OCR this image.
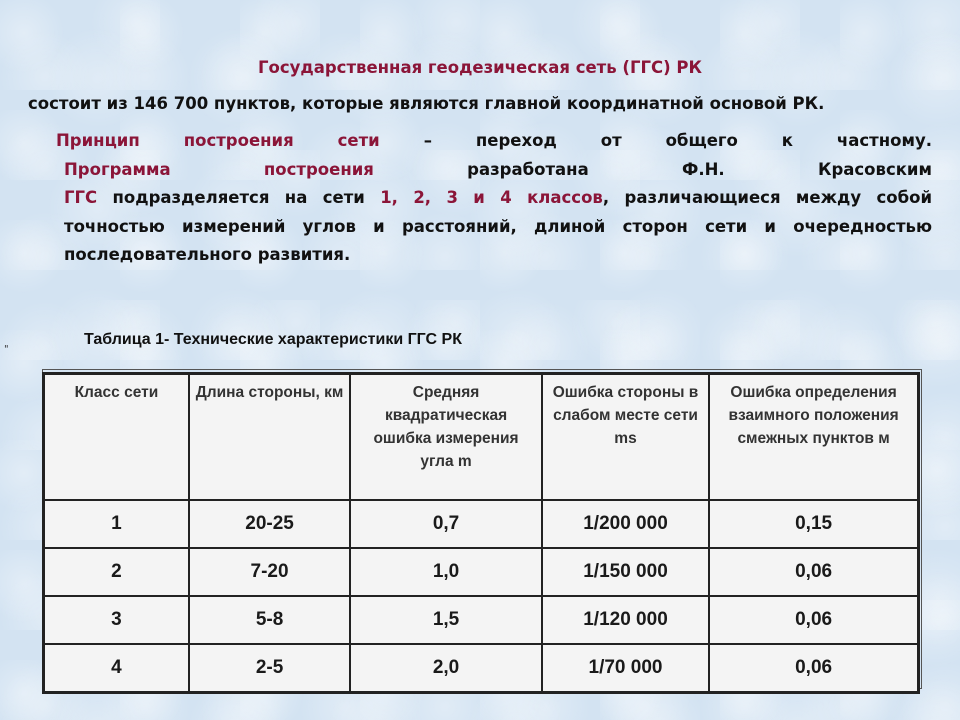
Государственная геодезическая сеть (ГГС) РК
состоит из 146 700 пунктов, которые являются главной координатной основой РК.
Принцип построения сети – переход от общего к частному.
Программа построения разработана Ф.Н. Красовским
ГГС подразделяется на сети 1, 2, 3 и 4 классов, различающиеся между собой
точностью измерений углов и расстояний, длиной сторон сети и очередностью
последовательного развития.
"
Таблица 1- Технические характеристики ГГС РК
Класс сети	Длина стороны, км	Средняя квадратическая ошибка измерения угла m	Ошибка стороны в слабом месте сети ms	Ошибка определения взаимного положения смежных пунктов м
1	20-25	0,7	1/200 000	0,15
2	7-20	1,0	1/150 000	0,06
3	5-8	1,5	1/120 000	0,06
4	2-5	2,0	1/70 000	0,06
